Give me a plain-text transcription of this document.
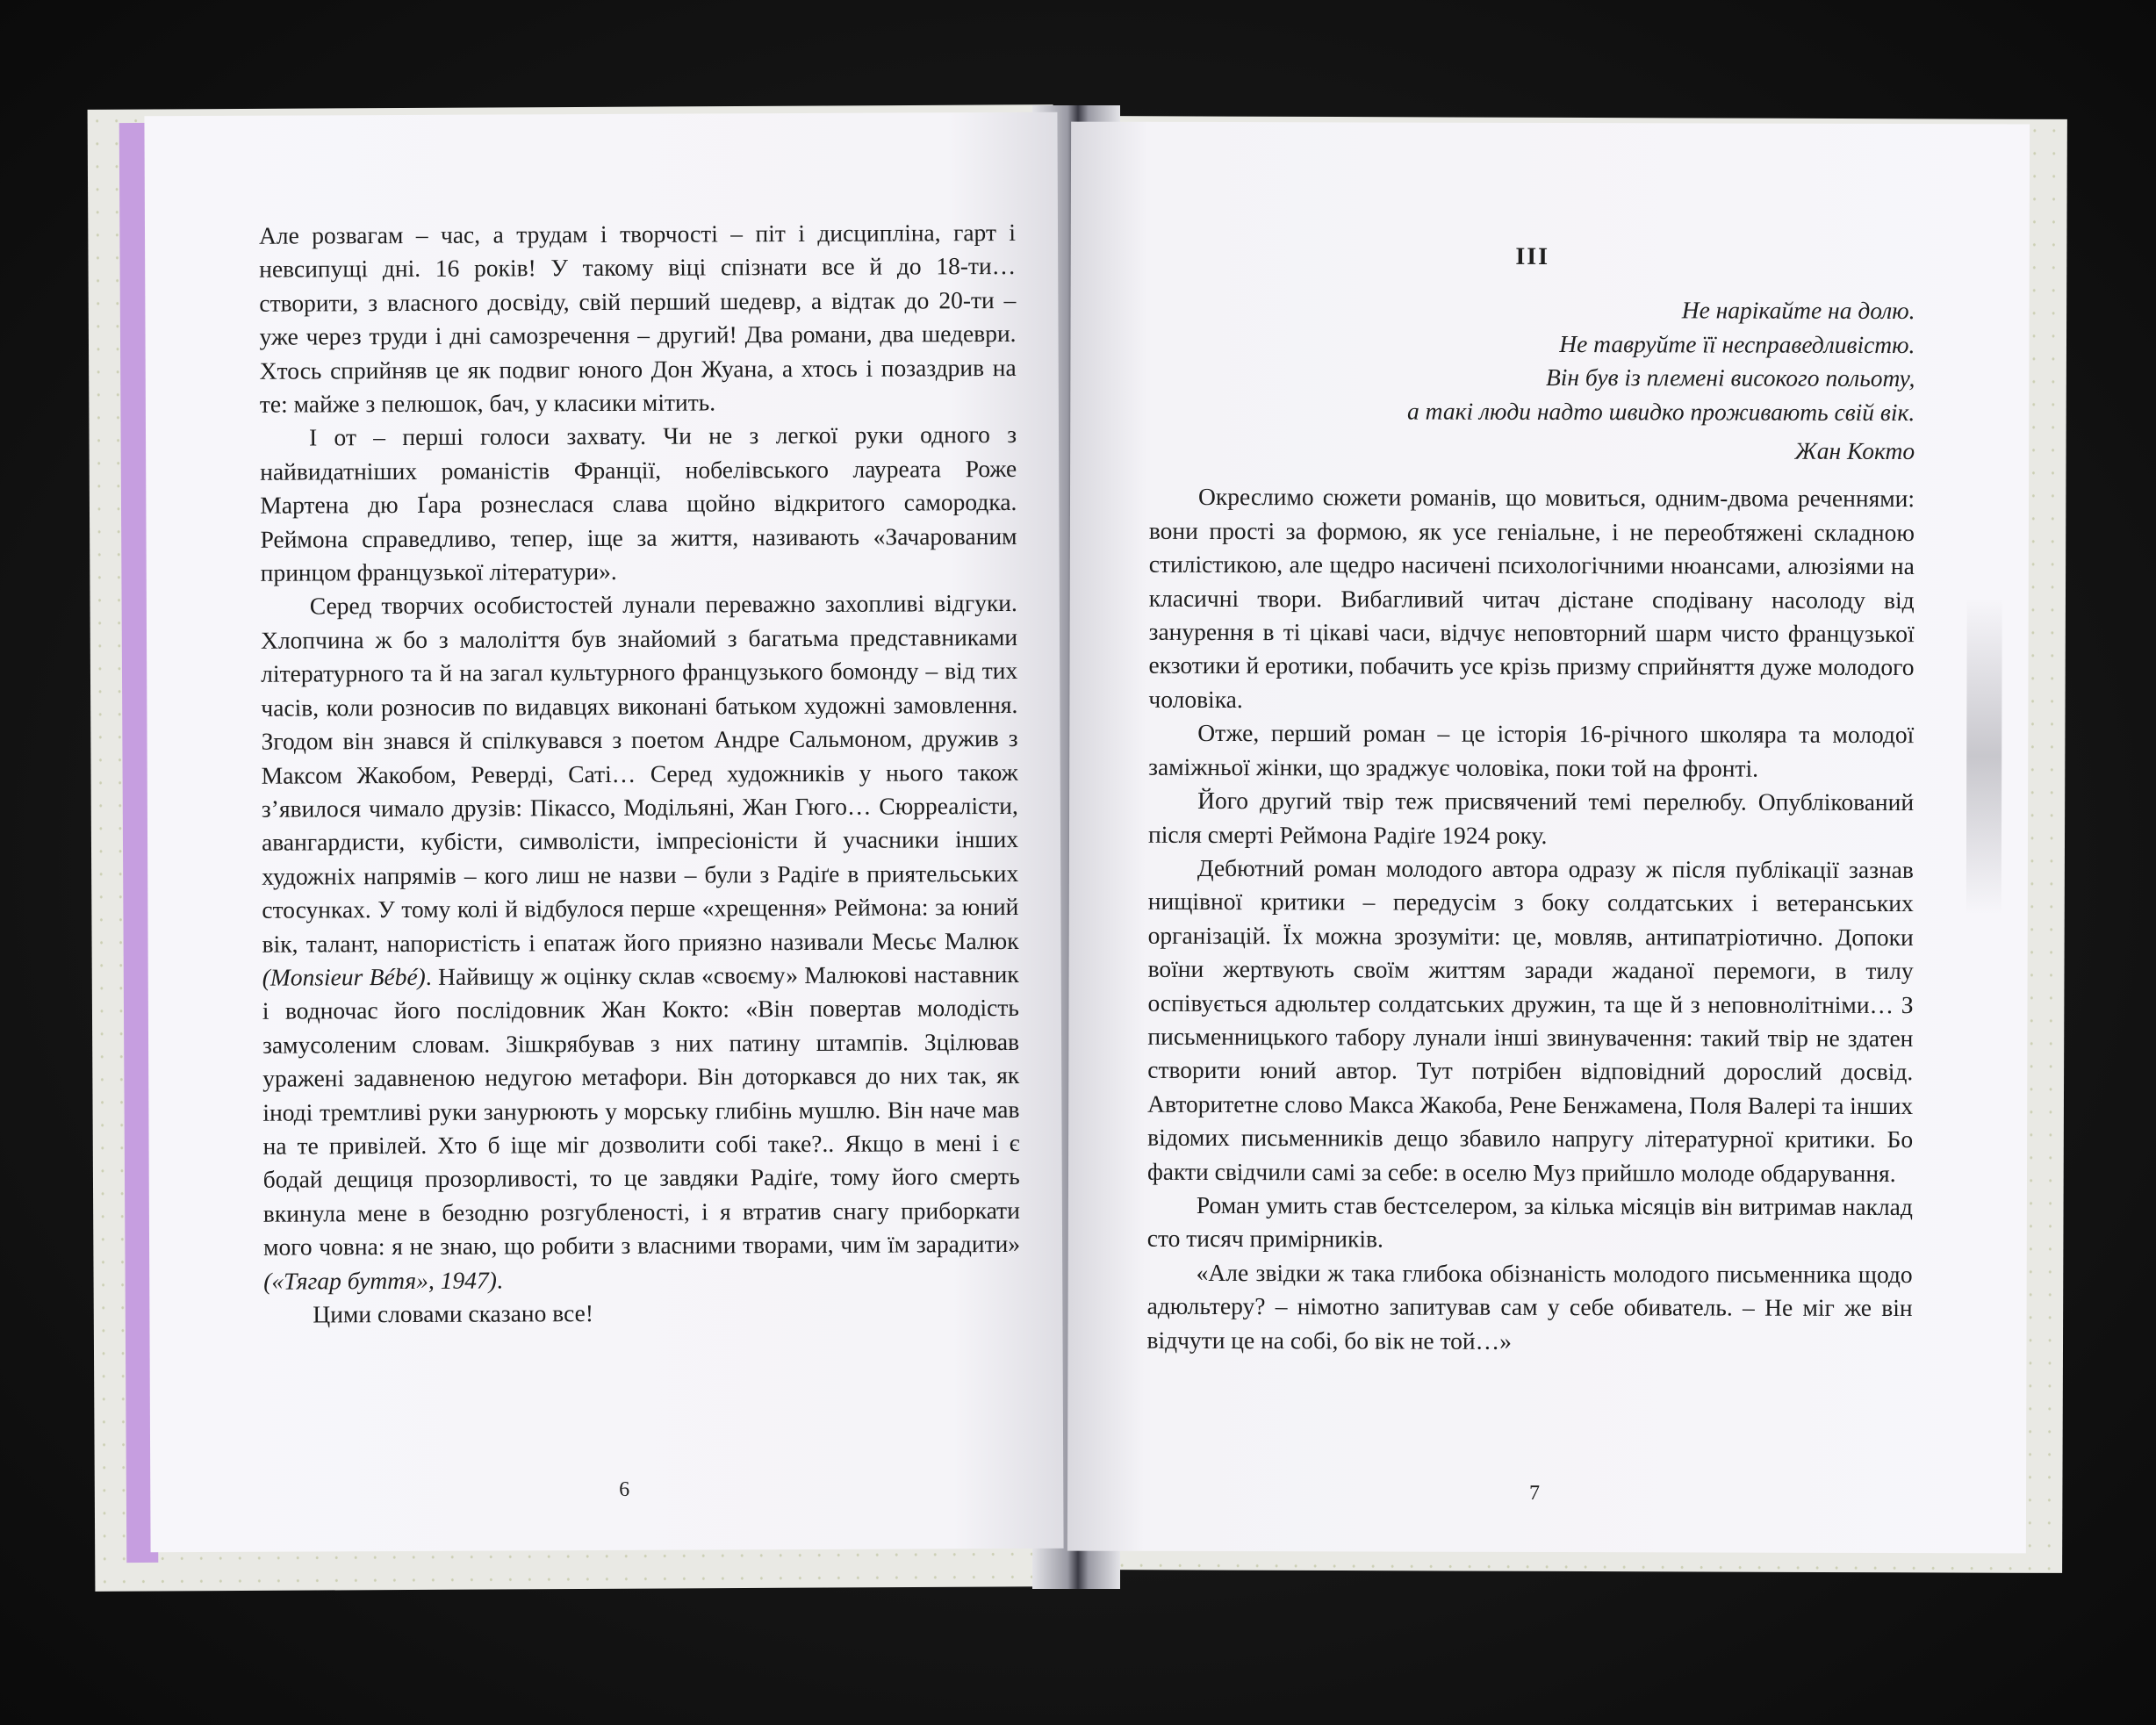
Але розвагам – час, а трудам і творчості – піт і дисципліна, гарт і невсипущі дні. 16 років! У такому віці спізнати все й до 18-ти… створити, з власного досвіду, свій перший шедевр, а відтак до 20-ти – уже через труди і дні самозречення – другий! Два романи, два шедеври. Хтось сприйняв це як подвиг юного Дон Жуана, а хтось і позаздрив на те: майже з пелюшок, бач, у класики мітить.

І от – перші голоси захвату. Чи не з легкої руки одного з найвидатніших романістів Франції, нобелівського лауреата Роже Мартена дю Ґара рознеслася слава щойно відкритого самородка. Реймона справедливо, тепер, іще за життя, називають «Зачарованим принцом французької літератури».

Серед творчих особистостей лунали переважно захопливі відгуки. Хлопчина ж бо з малоліття був знайомий з багатьма представниками літературного та й на загал культурного французького бомонду – від тих часів, коли розносив по видавцях виконані батьком художні замовлення. Згодом він знався й спілкувався з поетом Андре Сальмоном, дружив з Максом Жакобом, Реверді, Саті… Серед художників у нього також з’явилося чимало друзів: Пікассо, Модільяні, Жан Гюго… Сюрреалісти, авангардисти, кубісти, символісти, імпресіоністи й учасники інших художніх напрямів – кого лиш не назви – були з Радіґе в приятельських стосунках. У тому колі й відбулося перше «хрещення» Реймона: за юний вік, талант, напористість і епатаж його приязно називали Месьє Малюк (Monsieur Bébé). Найвищу ж оцінку склав «своєму» Малюкові наставник і водночас його послідовник Жан Кокто: «Він повертав молодість замусоленим словам. Зішкрябував з них патину штампів. Зцілював уражені задавненою недугою метафори. Він доторкався до них так, як іноді тремтливі руки занурюють у морську глибінь мушлю. Він наче мав на те привілей. Хто б іще міг дозволити собі таке?.. Якщо в мені і є бодай дещиця прозорливості, то це завдяки Радіґе, тому його смерть вкинула мене в безодню розгубленості, і я втратив снагу приборкати мого човна: я не знаю, що робити з власними творами, чим їм зарадити» («Тягар буття», 1947).

Цими словами сказано все!

6
ІІІ

Не нарікайте на долю.

Не тавруйте її несправедливістю.

Він був із племені високого польоту,

а такі люди надто швидко проживають свій вік.

Жан Кокто

Окреслимо сюжети романів, що мовиться, одним-двома реченнями: вони прості за формою, як усе геніальне, і не переобтяжені складною стилістикою, але щедро насичені психологічними нюансами, алюзіями на класичні твори. Вибагливий читач дістане сподівану насолоду від занурення в ті цікаві часи, відчує неповторний шарм чисто французької екзотики й еротики, побачить усе крізь призму сприйняття дуже молодого чоловіка.

Отже, перший роман – це історія 16-річного школяра та молодої заміжньої жінки, що зраджує чоловіка, поки той на фронті.

Його другий твір теж присвячений темі перелюбу. Опублікований після смерті Реймона Радіґе 1924 року.

Дебютний роман молодого автора одразу ж після публікації зазнав нищівної критики – передусім з боку солдатських і ветеранських організацій. Їх можна зрозуміти: це, мовляв, антипатріотично. Допоки воїни жертвують своїм життям заради жаданої перемоги, в тилу оспівується адюльтер солдатських дружин, та ще й з неповнолітніми… З письменницького табору лунали інші звинувачення: такий твір не здатен створити юний автор. Тут потрібен відповідний дорослий досвід. Авторитетне слово Макса Жакоба, Рене Бенжамена, Поля Валері та інших відомих письменників дещо збавило напругу літературної критики. Бо факти свідчили самі за себе: в оселю Муз прийшло молоде обдарування.

Роман умить став бестселером, за кілька місяців він витримав наклад сто тисяч примірників.

«Але звідки ж така глибока обізнаність молодого письменника щодо адюльтеру? – німотно запитував сам у себе обиватель. – Не міг же він відчути це на собі, бо вік не той…»

7
